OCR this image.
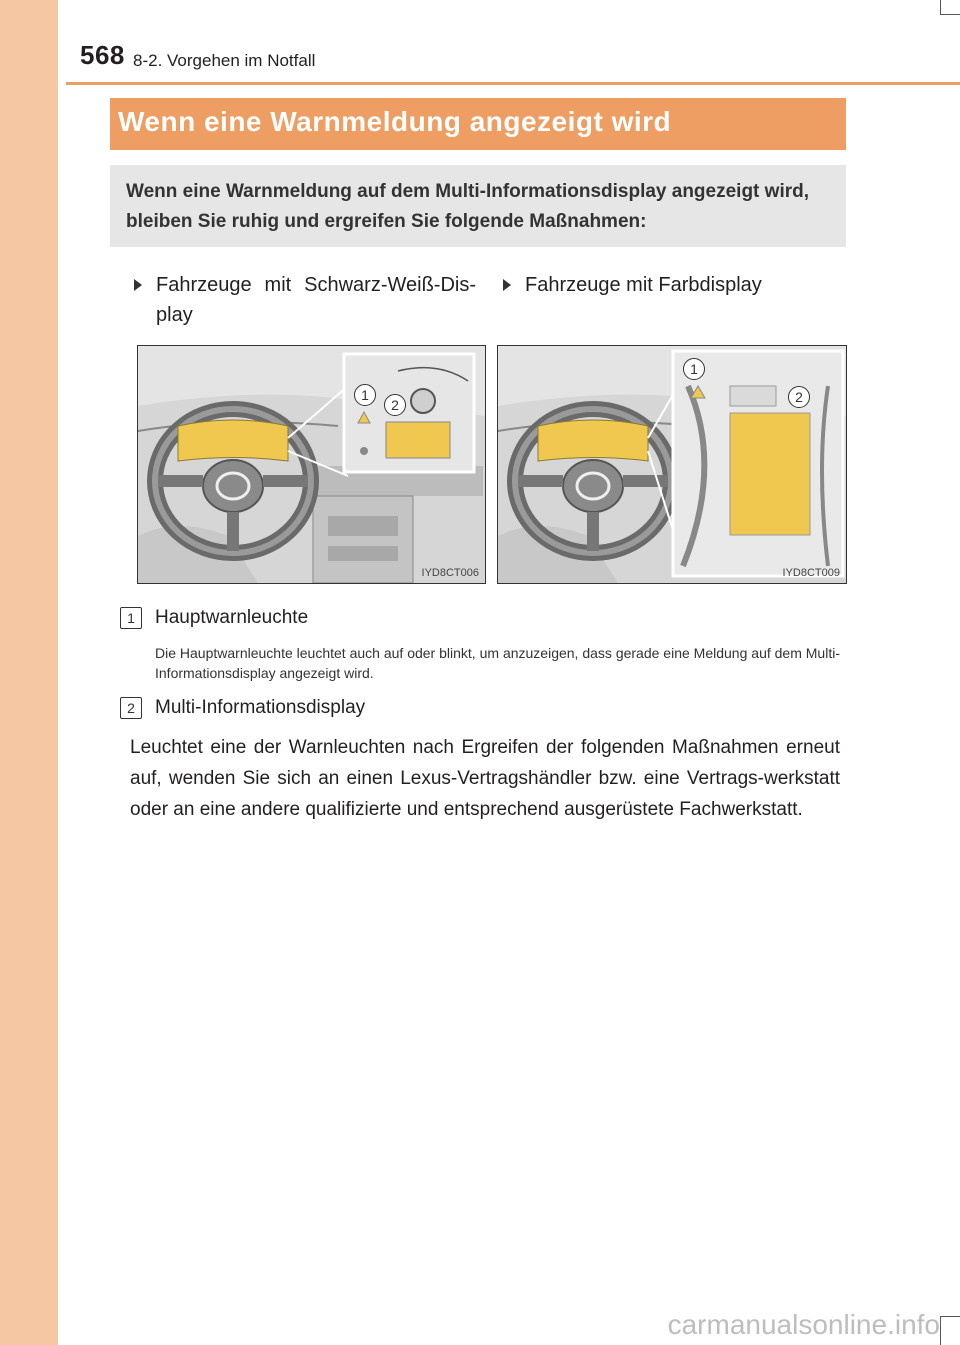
568 8-2. Vorgehen im Notfall
Wenn eine Warnmeldung angezeigt wird
Wenn eine Warnmeldung auf dem Multi-Informationsdisplay angezeigt wird, bleiben Sie ruhig und ergreifen Sie folgende Maßnahmen:
Fahrzeuge mit Schwarz-Weiß-Dis-play
Fahrzeuge mit Farbdisplay
1
2
IYD8CT006
1
2
IYD8CT009
1	Hauptwarnleuchte
Die Hauptwarnleuchte leuchtet auch auf oder blinkt, um anzuzeigen, dass gerade eine Meldung auf dem Multi-Informationsdisplay angezeigt wird.
2	Multi-Informationsdisplay
Leuchtet eine der Warnleuchten nach Ergreifen der folgenden Maßnahmen erneut auf, wenden Sie sich an einen Lexus-Vertragshändler bzw. eine Vertrags-werkstatt oder an eine andere qualifizierte und entsprechend ausgerüstete Fachwerkstatt.
carmanualsonline.info
